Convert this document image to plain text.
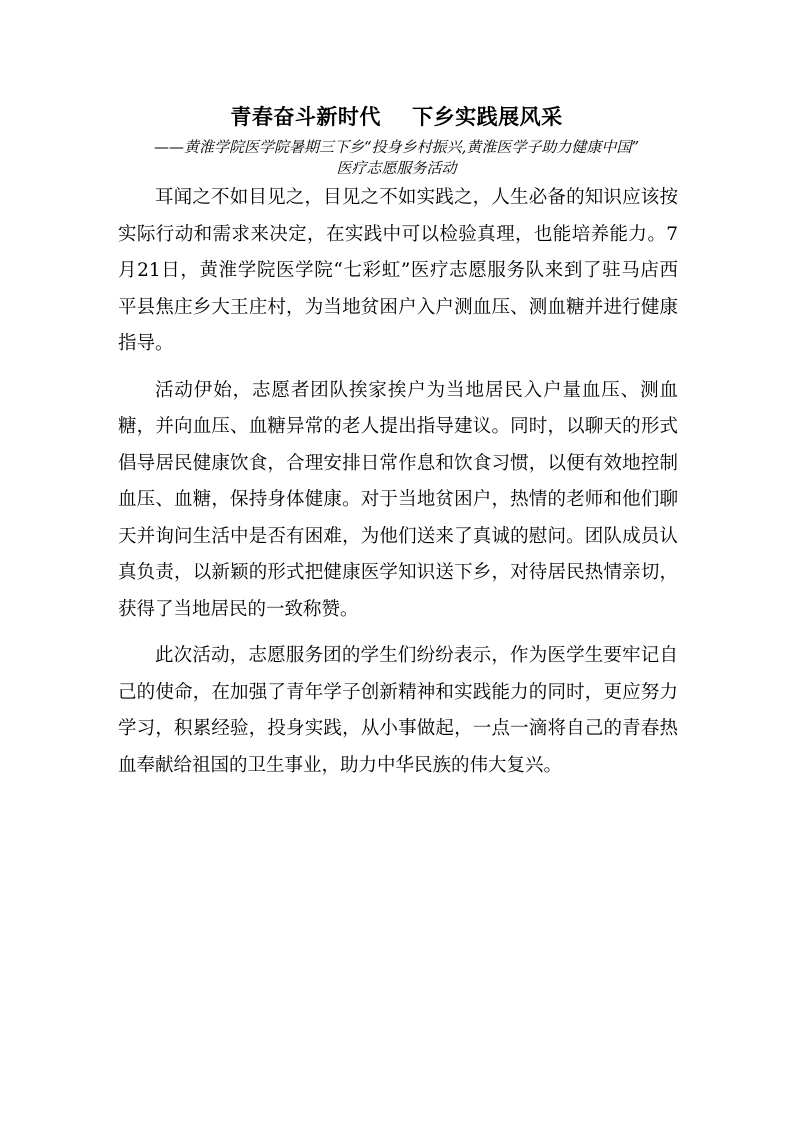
青春奋斗新时代    下乡实践展风采
——黄淮学院医学院暑期三下乡“投身乡村振兴,黄淮医学子助力健康中国”
医疗志愿服务活动

耳闻之不如目见之，目见之不如实践之，人生必备的知识应该按实际行动和需求来决定，在实践中可以检验真理，也能培养能力。7月21日，黄淮学院医学院“七彩虹”医疗志愿服务队来到了驻马店西平县焦庄乡大王庄村，为当地贫困户入户测血压、测血糖并进行健康指导。

活动伊始，志愿者团队挨家挨户为当地居民入户量血压、测血糖，并向血压、血糖异常的老人提出指导建议。同时，以聊天的形式倡导居民健康饮食，合理安排日常作息和饮食习惯，以便有效地控制血压、血糖，保持身体健康。对于当地贫困户，热情的老师和他们聊天并询问生活中是否有困难，为他们送来了真诚的慰问。团队成员认真负责，以新颖的形式把健康医学知识送下乡，对待居民热情亲切，获得了当地居民的一致称赞。

此次活动，志愿服务团的学生们纷纷表示，作为医学生要牢记自己的使命，在加强了青年学子创新精神和实践能力的同时，更应努力学习，积累经验，投身实践，从小事做起，一点一滴将自己的青春热血奉献给祖国的卫生事业，助力中华民族的伟大复兴。
